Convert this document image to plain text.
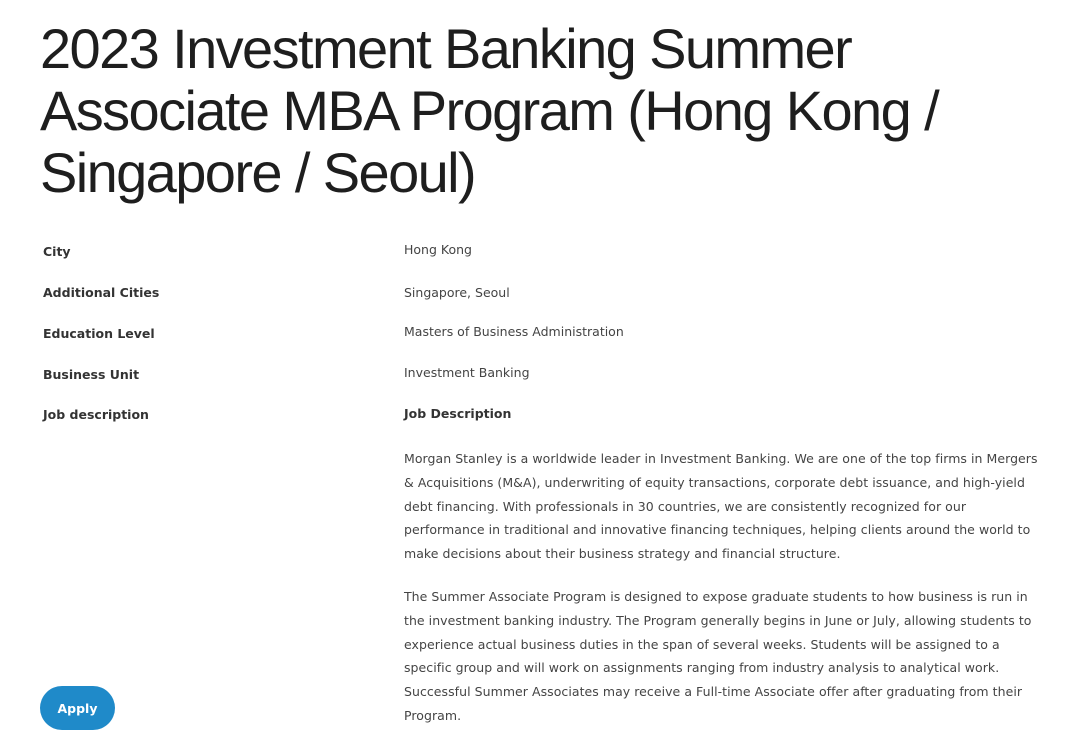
2023 Investment Banking Summer Associate MBA Program (Hong Kong / Singapore / Seoul)
City	Hong Kong
Additional Cities	Singapore, Seoul
Education Level	Masters of Business Administration
Business Unit	Investment Banking
Job description	Job Description

Morgan Stanley is a worldwide leader in Investment Banking. We are one of the top firms in Mergers & Acquisitions (M&A), underwriting of equity transactions, corporate debt issuance, and high-yield debt financing. With professionals in 30 countries, we are consistently recognized for our performance in traditional and innovative financing techniques, helping clients around the world to make decisions about their business strategy and financial structure.

The Summer Associate Program is designed to expose graduate students to how business is run in the investment banking industry. The Program generally begins in June or July, allowing students to experience actual business duties in the span of several weeks. Students will be assigned to a specific group and will work on assignments ranging from industry analysis to analytical work. Successful Summer Associates may receive a Full-time Associate offer after graduating from their Program.

Apply
